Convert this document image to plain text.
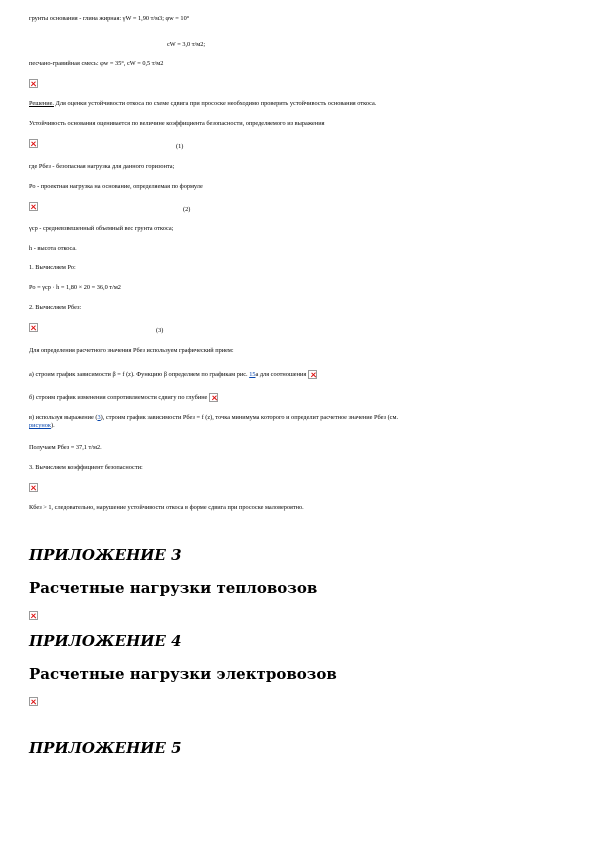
грунты основания - глина жирная: γW = 1,90 т/м3; φw = 10°
cW = 3,0 т/м2;
песчано-гравийная смесь: φw = 35°, cW = 0,5 т/м2
Решение. Для оценки устойчивости откоса по схеме сдвига при прососке необходимо проверить устойчивость основания откоса.
Устойчивость основания оценивается по величине коэффициента безопасности, определяемого из выражения
(1)
где Рбез - безопасная нагрузка для данного горизонта;
Ро - проектная нагрузка на основание, определяемая по формуле
(2)
γср - средневзвешенный объемный вес грунта откоса;
h - высота откоса.
1. Вычисляем Ро:
Ро = γср · h = 1,80 × 20 = 36,0 т/м2
2. Вычисляем Рбез:
(3)
Для определения расчетного значения Рбез используем графический прием:
а) строим график зависимости β = f (z). Функцию β определяем по графикам рис. 15а для соотношения
б) строим график изменения сопротивляемости сдвигу по глубине
в) используя выражение (3), строим график зависимости Рбез = f (z), точка минимума которого и определит расчетное значение Рбез (см.
рисунок).
Получаем Рбез = 37,1 т/м2.
3. Вычисляем коэффициент безопасности:
Кбез > 1, следовательно, нарушение устойчивости откоса в форме сдвига при прососке маловероятно.
ПРИЛОЖЕНИЕ 3
Расчетные нагрузки тепловозов
ПРИЛОЖЕНИЕ 4
Расчетные нагрузки электровозов
ПРИЛОЖЕНИЕ 5
